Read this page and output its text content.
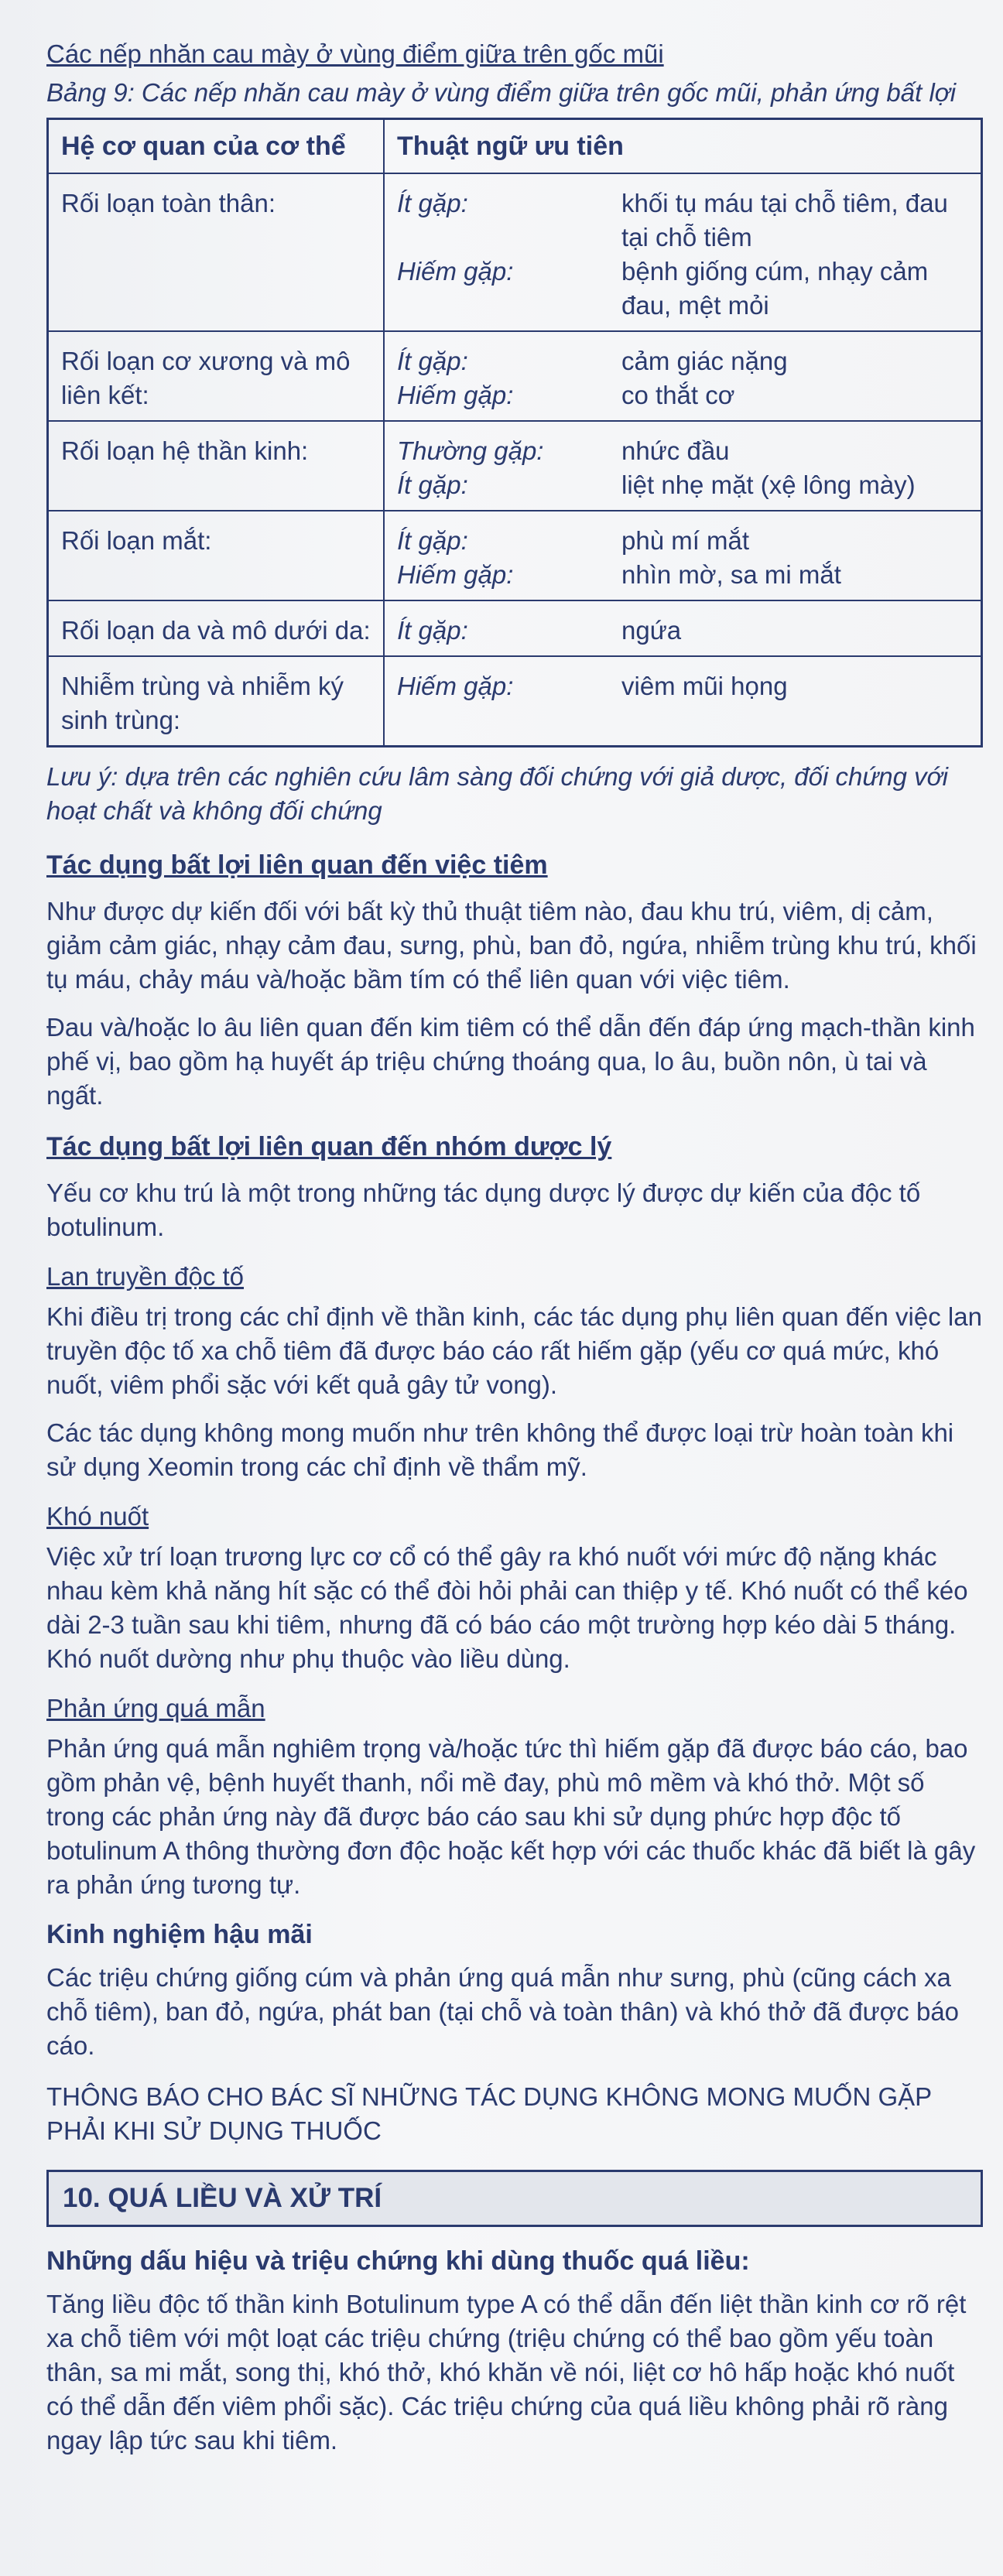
Các nếp nhăn cau mày ở vùng điểm giữa trên gốc mũi
Bảng 9: Các nếp nhăn cau mày ở vùng điểm giữa trên gốc mũi, phản ứng bất lợi
Hệ cơ quan của cơ thể	Thuật ngữ ưu tiên
Rối loạn toàn thân:	Ít gặp: khối tụ máu tại chỗ tiêm, đau tại chỗ tiêm
Hiếm gặp: bệnh giống cúm, nhạy cảm đau, mệt mỏi

Rối loạn cơ xương và mô liên kết:	Ít gặp: cảm giác nặng
Hiếm gặp: co thắt cơ

Rối loạn hệ thần kinh:	Thường gặp: nhức đầu
Ít gặp: liệt nhẹ mặt (xệ lông mày)

Rối loạn mắt:	Ít gặp: phù mí mắt
Hiếm gặp: nhìn mờ, sa mi mắt

Rối loạn da và mô dưới da:	Ít gặp: ngứa

Nhiễm trùng và nhiễm ký sinh trùng:	Hiếm gặp: viêm mũi họng
Lưu ý: dựa trên các nghiên cứu lâm sàng đối chứng với giả dược, đối chứng với hoạt chất và không đối chứng
Tác dụng bất lợi liên quan đến việc tiêm

Như được dự kiến đối với bất kỳ thủ thuật tiêm nào, đau khu trú, viêm, dị cảm, giảm cảm giác, nhạy cảm đau, sưng, phù, ban đỏ, ngứa, nhiễm trùng khu trú, khối tụ máu, chảy máu và/hoặc bầm tím có thể liên quan với việc tiêm.

Đau và/hoặc lo âu liên quan đến kim tiêm có thể dẫn đến đáp ứng mạch-thần kinh phế vị, bao gồm hạ huyết áp triệu chứng thoáng qua, lo âu, buồn nôn, ù tai và ngất.

Tác dụng bất lợi liên quan đến nhóm dược lý

Yếu cơ khu trú là một trong những tác dụng dược lý được dự kiến của độc tố botulinum.

Lan truyền độc tố

Khi điều trị trong các chỉ định về thần kinh, các tác dụng phụ liên quan đến việc lan truyền độc tố xa chỗ tiêm đã được báo cáo rất hiếm gặp (yếu cơ quá mức, khó nuốt, viêm phổi sặc với kết quả gây tử vong).

Các tác dụng không mong muốn như trên không thể được loại trừ hoàn toàn khi sử dụng Xeomin trong các chỉ định về thẩm mỹ.

Khó nuốt

Việc xử trí loạn trương lực cơ cổ có thể gây ra khó nuốt với mức độ nặng khác nhau kèm khả năng hít sặc có thể đòi hỏi phải can thiệp y tế. Khó nuốt có thể kéo dài 2-3 tuần sau khi tiêm, nhưng đã có báo cáo một trường hợp kéo dài 5 tháng. Khó nuốt dường như phụ thuộc vào liều dùng.

Phản ứng quá mẫn

Phản ứng quá mẫn nghiêm trọng và/hoặc tức thì hiếm gặp đã được báo cáo, bao gồm phản vệ, bệnh huyết thanh, nổi mề đay, phù mô mềm và khó thở. Một số trong các phản ứng này đã được báo cáo sau khi sử dụng phức hợp độc tố botulinum A thông thường đơn độc hoặc kết hợp với các thuốc khác đã biết là gây ra phản ứng tương tự.

Kinh nghiệm hậu mãi

Các triệu chứng giống cúm và phản ứng quá mẫn như sưng, phù (cũng cách xa chỗ tiêm), ban đỏ, ngứa, phát ban (tại chỗ và toàn thân) và khó thở đã được báo cáo.

THÔNG BÁO CHO BÁC SĨ NHỮNG TÁC DỤNG KHÔNG MONG MUỐN GẶP PHẢI KHI SỬ DỤNG THUỐC
10. QUÁ LIỀU VÀ XỬ TRÍ
Những dấu hiệu và triệu chứng khi dùng thuốc quá liều:

Tăng liều độc tố thần kinh Botulinum type A có thể dẫn đến liệt thần kinh cơ rõ rệt xa chỗ tiêm với một loạt các triệu chứng (triệu chứng có thể bao gồm yếu toàn thân, sa mi mắt, song thị, khó thở, khó khăn về nói, liệt cơ hô hấp hoặc khó nuốt có thể dẫn đến viêm phổi sặc). Các triệu chứng của quá liều không phải rõ ràng ngay lập tức sau khi tiêm.
